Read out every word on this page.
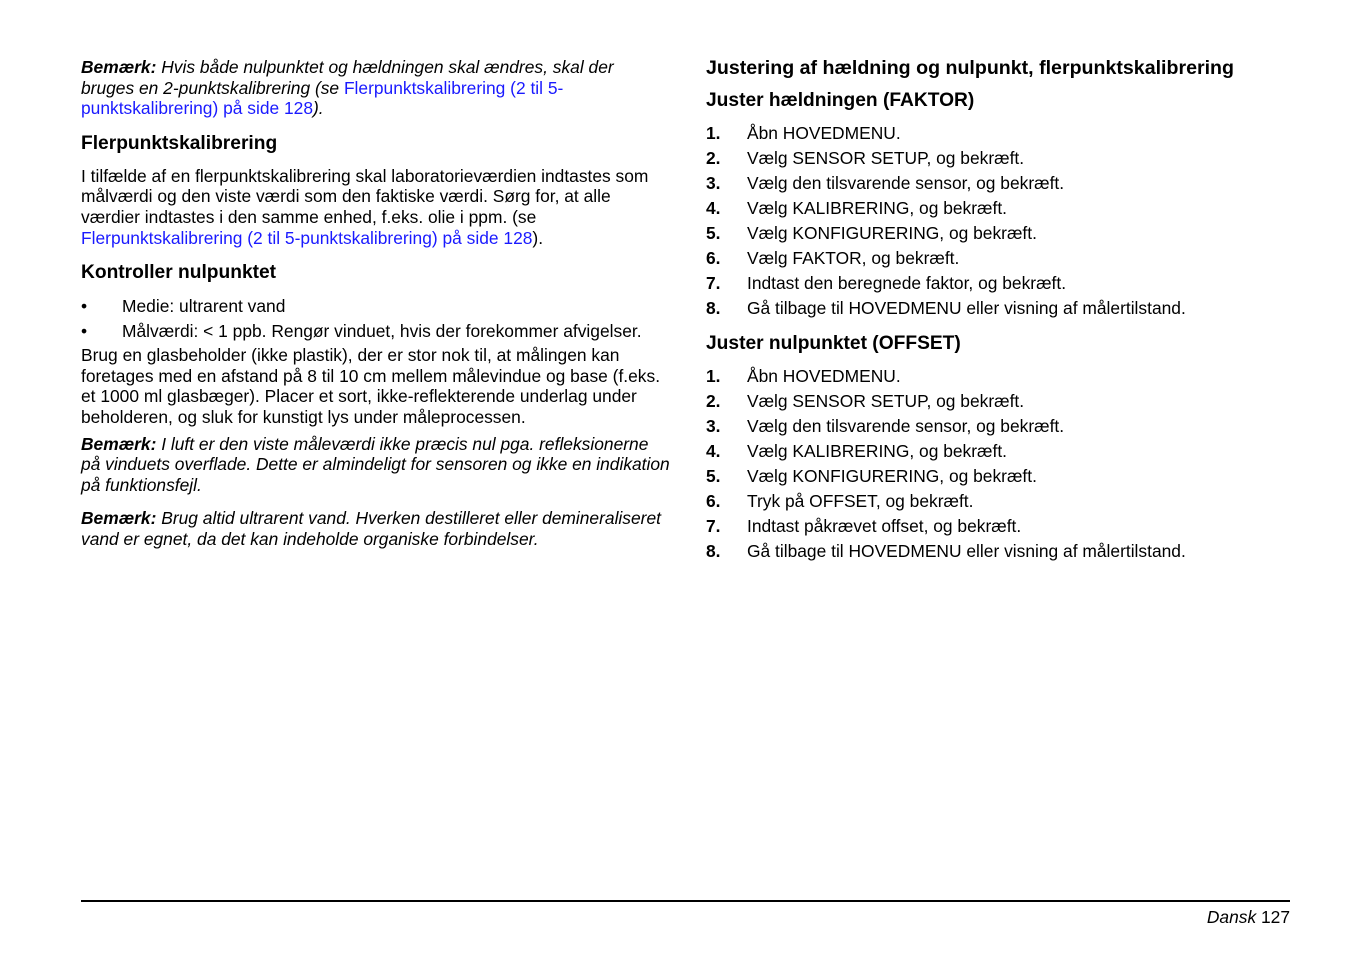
Bemærk: Hvis både nulpunktet og hældningen skal ændres, skal der bruges en 2-punktskalibrering (se Flerpunktskalibrering (2 til 5-punktskalibrering) på side 128).

Flerpunktskalibrering

I tilfælde af en flerpunktskalibrering skal laboratorieværdien indtastes som målværdi og den viste værdi som den faktiske værdi. Sørg for, at alle værdier indtastes i den samme enhed, f.eks. olie i ppm. (se Flerpunktskalibrering (2 til 5-punktskalibrering) på side 128).

Kontroller nulpunktet
• Medie: ultrarent vand
• Målværdi: < 1 ppb. Rengør vinduet, hvis der forekommer afvigelser.

Brug en glasbeholder (ikke plastik), der er stor nok til, at målingen kan foretages med en afstand på 8 til 10 cm mellem målevindue og base (f.eks. et 1000 ml glasbæger). Placer et sort, ikke-reflekterende underlag under beholderen, og sluk for kunstigt lys under måleprocessen.

Bemærk: I luft er den viste måleværdi ikke præcis nul pga. refleksionerne på vinduets overflade. Dette er almindeligt for sensoren og ikke en indikation på funktionsfejl.

Bemærk: Brug altid ultrarent vand. Hverken destilleret eller demineraliseret vand er egnet, da det kan indeholde organiske forbindelser.

Justering af hældning og nulpunkt, flerpunktskalibrering
Juster hældningen (FAKTOR)
1. Åbn HOVEDMENU.
2. Vælg SENSOR SETUP, og bekræft.
3. Vælg den tilsvarende sensor, og bekræft.
4. Vælg KALIBRERING, og bekræft.
5. Vælg KONFIGURERING, og bekræft.
6. Vælg FAKTOR, og bekræft.
7. Indtast den beregnede faktor, og bekræft.
8. Gå tilbage til HOVEDMENU eller visning af målertilstand.
Juster nulpunktet (OFFSET)
1. Åbn HOVEDMENU.
2. Vælg SENSOR SETUP, og bekræft.
3. Vælg den tilsvarende sensor, og bekræft.
4. Vælg KALIBRERING, og bekræft.
5. Vælg KONFIGURERING, og bekræft.
6. Tryk på OFFSET, og bekræft.
7. Indtast påkrævet offset, og bekræft.
8. Gå tilbage til HOVEDMENU eller visning af målertilstand.
Dansk 127
